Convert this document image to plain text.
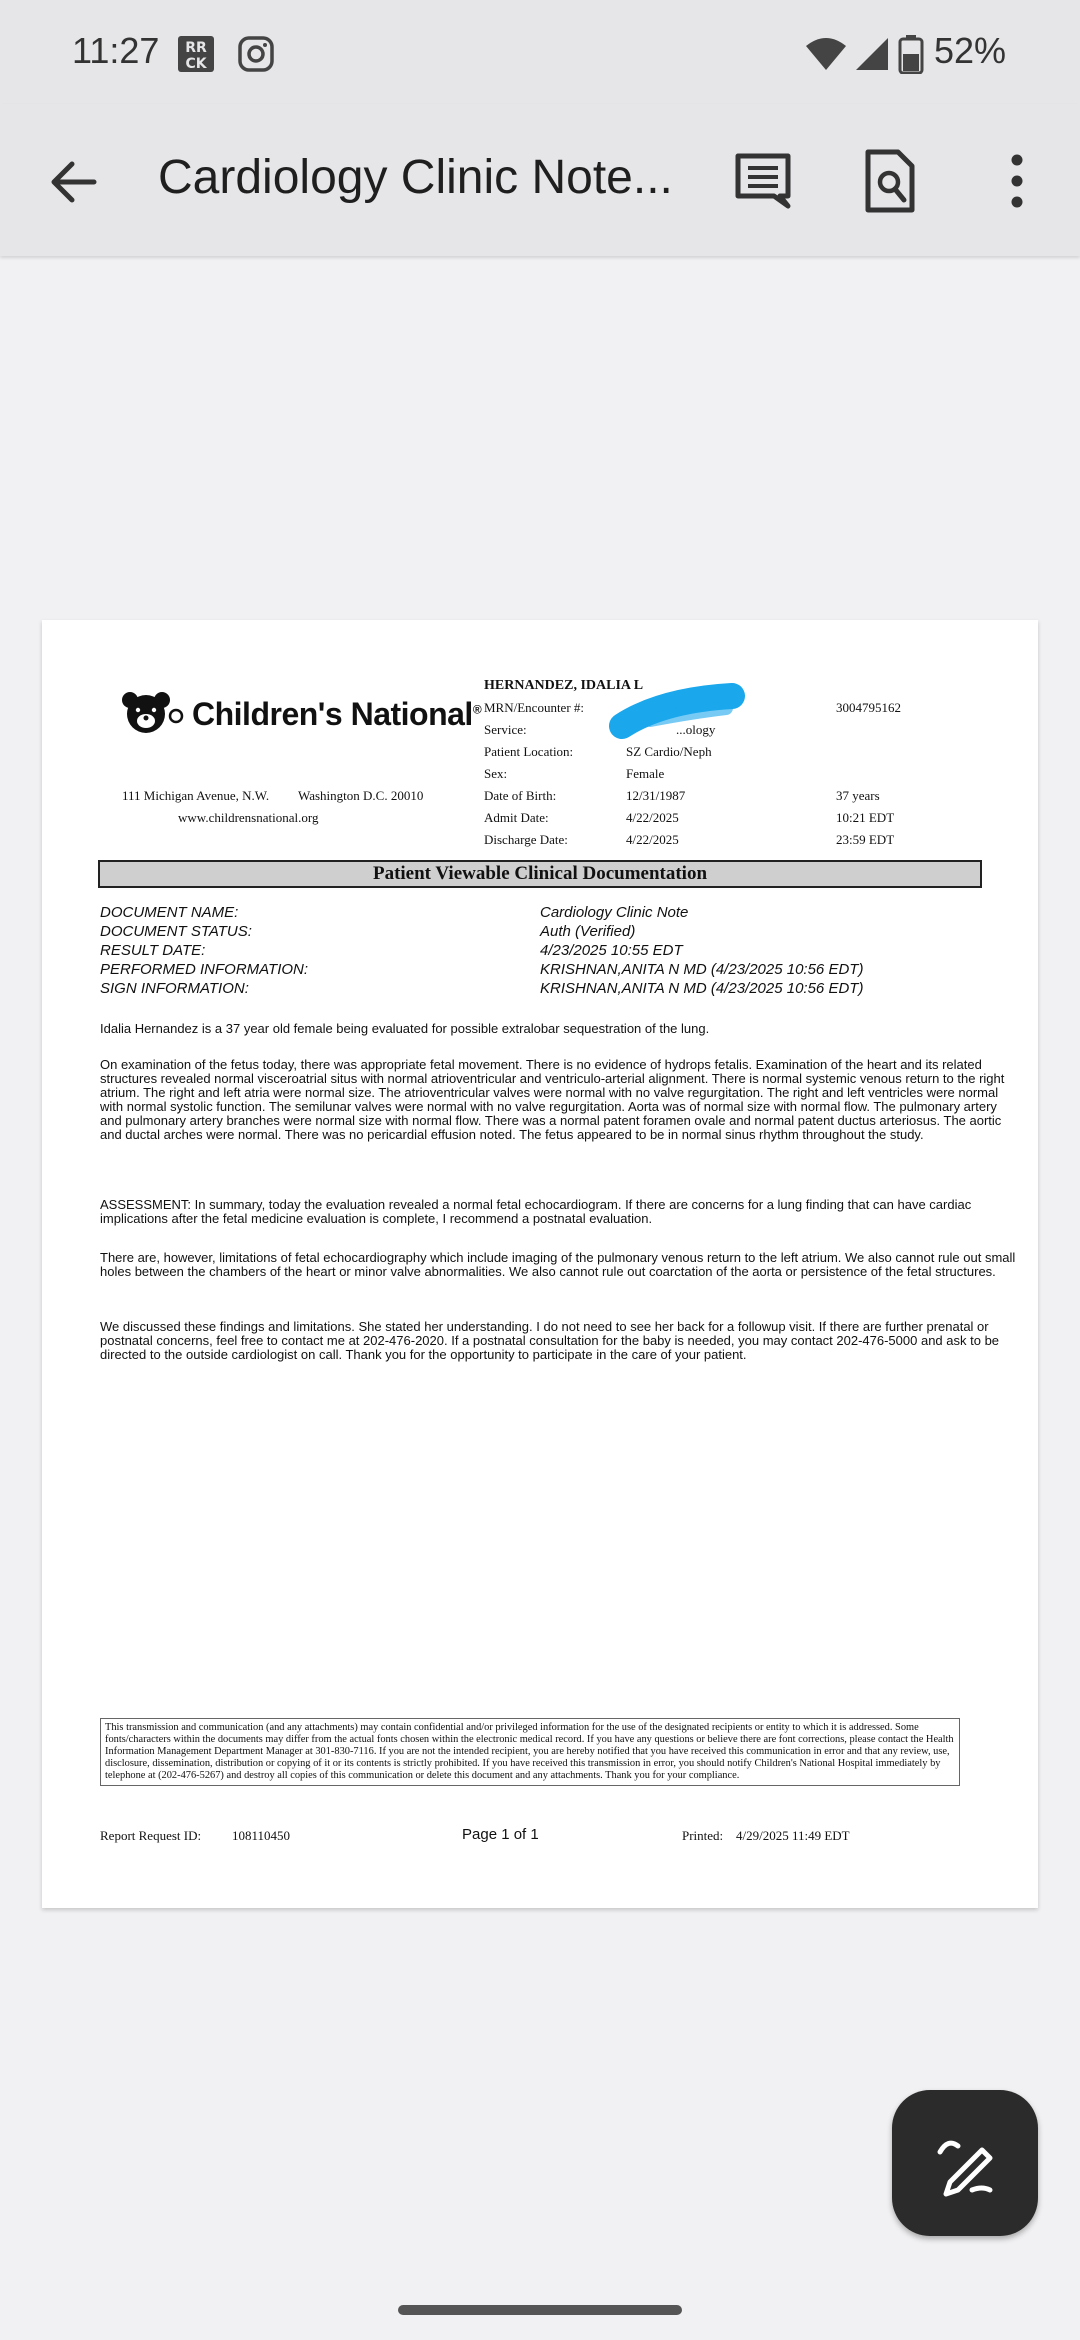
11:27 RR
CK	52%
Cardiology Clinic Note...
Children's National®
111 Michigan Avenue, N.W. Washington D.C. 20010
www.childrensnational.org
HERNANDEZ, IDALIA L
MRN/Encounter #:	3004795162
Service:	...ology
Patient Location:	SZ Cardio/Neph
Sex:	Female
Date of Birth:	12/31/1987	37 years
Admit Date:	4/22/2025	10:21 EDT
Discharge Date:	4/22/2025	23:59 EDT
Patient Viewable Clinical Documentation
DOCUMENT NAME:	Cardiology Clinic Note
DOCUMENT STATUS:	Auth (Verified)
RESULT DATE:	4/23/2025 10:55 EDT
PERFORMED INFORMATION:	KRISHNAN,ANITA N MD (4/23/2025 10:56 EDT)
SIGN INFORMATION:	KRISHNAN,ANITA N MD (4/23/2025 10:56 EDT)

Idalia Hernandez is a 37 year old female being evaluated for possible extralobar sequestration of the lung.

On examination of the fetus today, there was appropriate fetal movement. There is no evidence of hydrops fetalis. Examination of the heart and its related structures revealed normal visceroatrial situs with normal atrioventricular and ventriculo-arterial alignment. There is normal systemic venous return to the right atrium. The right and left atria were normal size. The atrioventricular valves were normal with no valve regurgitation. The right and left ventricles were normal with normal systolic function. The semilunar valves were normal with no valve regurgitation. Aorta was of normal size with normal flow. The pulmonary artery and pulmonary artery branches were normal size with normal flow. There was a normal patent foramen ovale and normal patent ductus arteriosus. The aortic and ductal arches were normal. There was no pericardial effusion noted. The fetus appeared to be in normal sinus rhythm throughout the study.

ASSESSMENT: In summary, today the evaluation revealed a normal fetal echocardiogram. If there are concerns for a lung finding that can have cardiac implications after the fetal medicine evaluation is complete, I recommend a postnatal evaluation.

There are, however, limitations of fetal echocardiography which include imaging of the pulmonary venous return to the left atrium. We also cannot rule out small holes between the chambers of the heart or minor valve abnormalities. We also cannot rule out coarctation of the aorta or persistence of the fetal structures.

We discussed these findings and limitations. She stated her understanding. I do not need to see her back for a followup visit. If there are further prenatal or postnatal concerns, feel free to contact me at 202-476-2020. If a postnatal consultation for the baby is needed, you may contact 202-476-5000 and ask to be directed to the outside cardiologist on call. Thank you for the opportunity to participate in the care of your patient.

This transmission and communication (and any attachments) may contain confidential and/or privileged information for the use of the designated recipients or entity to which it is addressed. Some fonts/characters within the documents may differ from the actual fonts chosen within the electronic medical record. If you have any questions or believe there are font corrections, please contact the Health Information Management Department Manager at 301-830-7116. If you are not the intended recipient, you are hereby notified that you have received this communication in error and that any review, use, disclosure, dissemination, distribution or copying of it or its contents is strictly prohibited. If you have received this transmission in error, you should notify Children's National Hospital immediately by telephone at (202-476-5267) and destroy all copies of this communication or delete this document and any attachments. Thank you for your compliance.
Report Request ID: 108110450	Page 1 of 1	Printed: 4/29/2025 11:49 EDT
